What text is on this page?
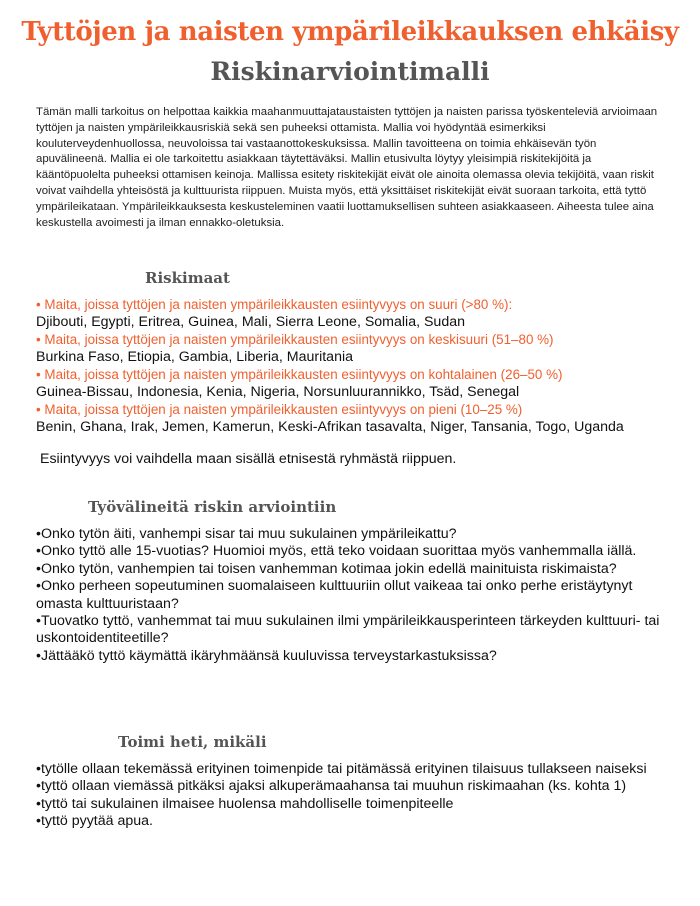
Tyttöjen ja naisten ympärileikkauksen ehkäisy
Riskinarviointimalli

Tämän malli tarkoitus on helpottaa kaikkia maahanmuuttajataustaisten tyttöjen ja naisten parissa työskenteleviä arvioimaan tyttöjen ja naisten ympärileikkausriskiä sekä sen puheeksi ottamista. Mallia voi hyödyntää esimerkiksi kouluterveydenhuollossa, neuvoloissa tai vastaanottokeskuksissa. Mallin tavoitteena on toimia ehkäisevän työn apuvälineenä. Mallia ei ole tarkoitettu asiakkaan täytettäväksi. Mallin etusivulta löytyy yleisimpiä riskitekijöitä ja kääntöpuolelta puheeksi ottamisen keinoja. Mallissa esitety riskitekijät eivät ole ainoita olemassa olevia tekijöitä, vaan riskit voivat vaihdella yhteisöstä ja kulttuurista riippuen. Muista myös, että yksittäiset riskitekijät eivät suoraan tarkoita, että tyttö ympärileikataan. Ympärileikkauksesta keskusteleminen vaatii luottamuksellisen suhteen asiakkaaseen. Aiheesta tulee aina keskustella avoimesti ja ilman ennakko-oletuksia.

Riskimaat
• Maita, joissa tyttöjen ja naisten ympärileikkausten esiintyvyys on suuri (>80 %):
Djibouti, Egypti, Eritrea, Guinea, Mali, Sierra Leone, Somalia, Sudan
• Maita, joissa tyttöjen ja naisten ympärileikkausten esiintyvyys on keskisuuri (51–80 %)
Burkina Faso, Etiopia, Gambia, Liberia, Mauritania
• Maita, joissa tyttöjen ja naisten ympärileikkausten esiintyvyys on kohtalainen (26–50 %)
Guinea-Bissau, Indonesia, Kenia, Nigeria, Norsunluurannikko, Tsäd, Senegal
• Maita, joissa tyttöjen ja naisten ympärileikkausten esiintyvyys on pieni (10–25 %)
Benin, Ghana, Irak, Jemen, Kamerun, Keski-Afrikan tasavalta, Niger, Tansania, Togo, Uganda

Esiintyvyys voi vaihdella maan sisällä etnisestä ryhmästä riippuen.

Työvälineitä riskin arviointiin
• Onko tytön äiti, vanhempi sisar tai muu sukulainen ympärileikattu?
• Onko tyttö alle 15-vuotias? Huomioi myös, että teko voidaan suorittaa myös vanhemmalla iällä.
• Onko tytön, vanhempien tai toisen vanhemman kotimaa jokin edellä mainituista riskimaista?
• Onko perheen sopeutuminen suomalaiseen kulttuuriin ollut vaikeaa tai onko perhe eristäytynyt omasta kulttuuristaan?
• Tuovatko tyttö, vanhemmat tai muu sukulainen ilmi ympärileikkausperinteen tärkeyden kulttuuri- tai uskontoidentiteetille?
• Jättääkö tyttö käymättä ikäryhmäänsä kuuluvissa terveystarkastuksissa?
Toimi heti, mikäli
• tytölle ollaan tekemässä erityinen toimenpide tai pitämässä erityinen tilaisuus tullakseen naiseksi
• tyttö ollaan viemässä pitkäksi ajaksi alkuperämaahansa tai muuhun riskimaahan (ks. kohta 1)
• tyttö tai sukulainen ilmaisee huolensa mahdolliselle toimenpiteelle
• tyttö pyytää apua.
